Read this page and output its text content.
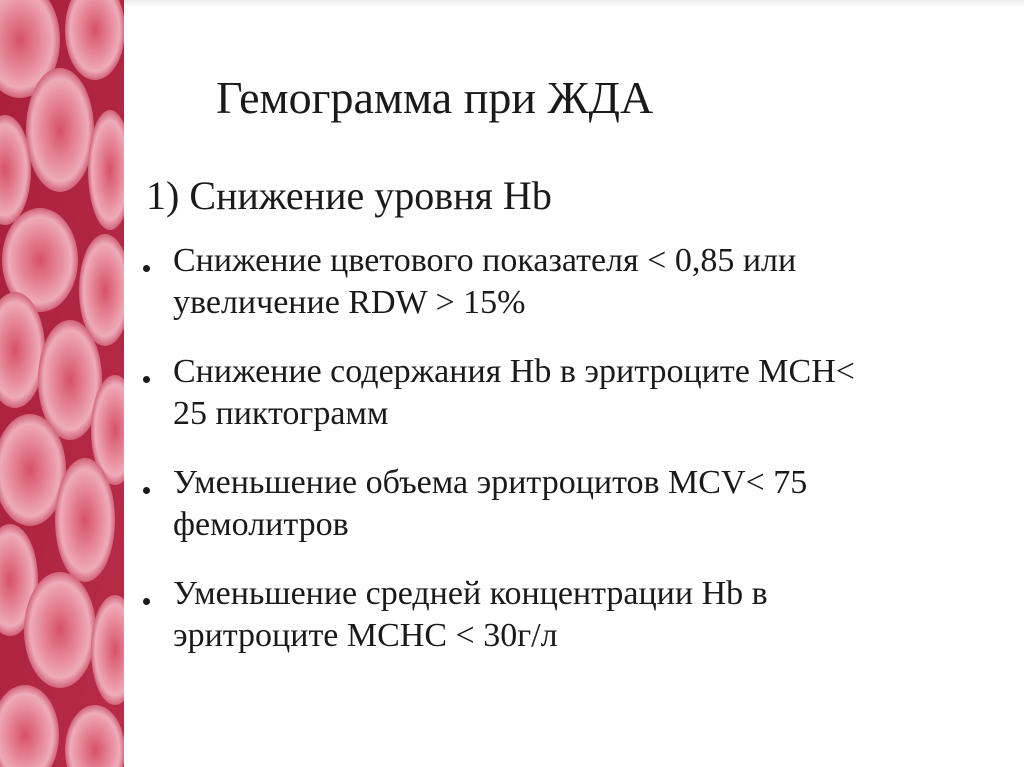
Гемограмма при ЖДА
1) Снижение уровня Hb
Снижение цветового показателя < 0,85 или
увеличение RDW > 15%
Снижение содержания Hb в эритроците MCH<
25 пиктограмм
Уменьшение объема эритроцитов MCV< 75
фемолитров
Уменьшение средней концентрации Hb в
эритроците MCHC < 30г/л
